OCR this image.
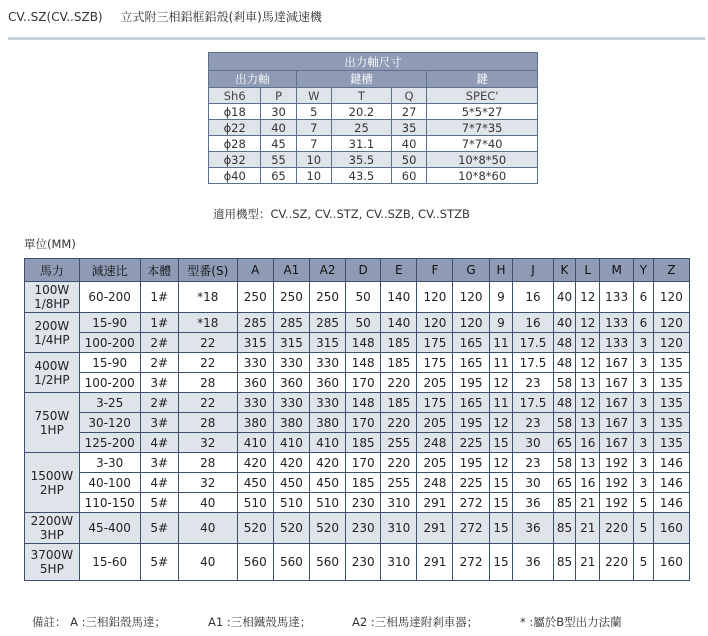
CV..SZ(CV..SZB) 立式附三相鋁框鋁殼(剎車)馬達減速機
出力軸尺寸					
出力軸		鍵槽			鍵
Sh6	P	W	T	Q	SPEC'
ϕ18	30	5	20.2	27	5*5*27
ϕ22	40	7	25	35	7*7*35
ϕ28	45	7	31.1	40	7*7*40
ϕ32	55	10	35.5	50	10*8*50
ϕ40	65	10	43.5	60	10*8*60
適用機型：CV..SZ, CV..STZ, CV..SZB, CV..STZB
單位(MM)
馬力	減速比	本體	型番(S)	A	A1	A2	D	E	F	G	H	J	K	L	M	Y	Z
100W
1/8HP	60-200	1#	*18	250	250	250	50	140	120	120	9	16	40	12	133	6	120
200W
1/4HP	15-90	1#	*18	285	285	285	50	140	120	120	9	16	40	12	133	6	120
	100-200	2#	22	315	315	315	148	185	175	165	11	17.5	48	12	133	3	120
400W
1/2HP	15-90	2#	22	330	330	330	148	185	175	165	11	17.5	48	12	167	3	135
	100-200	3#	28	360	360	360	170	220	205	195	12	23	58	13	167	3	135
750W
1HP	3-25	2#	22	330	330	330	148	185	175	165	11	17.5	48	12	167	3	135
	30-120	3#	28	380	380	380	170	220	205	195	12	23	58	13	167	3	135
	125-200	4#	32	410	410	410	185	255	248	225	15	30	65	16	167	3	135
1500W
2HP	3-30	3#	28	420	420	420	170	220	205	195	12	23	58	13	192	3	146
	40-100	4#	32	450	450	450	185	255	248	225	15	30	65	16	192	3	146
	110-150	5#	40	510	510	510	230	310	291	272	15	36	85	21	192	5	146
2200W
3HP	45-400	5#	40	520	520	520	230	310	291	272	15	36	85	21	220	5	160
3700W
5HP	15-60	5#	40	560	560	560	230	310	291	272	15	36	85	21	220	5	160
備註： A :三相鋁殼馬達；	A1 :三相鐵殼馬達；	A2 :三相馬達附剎車器；	* :屬於B型出力法蘭
